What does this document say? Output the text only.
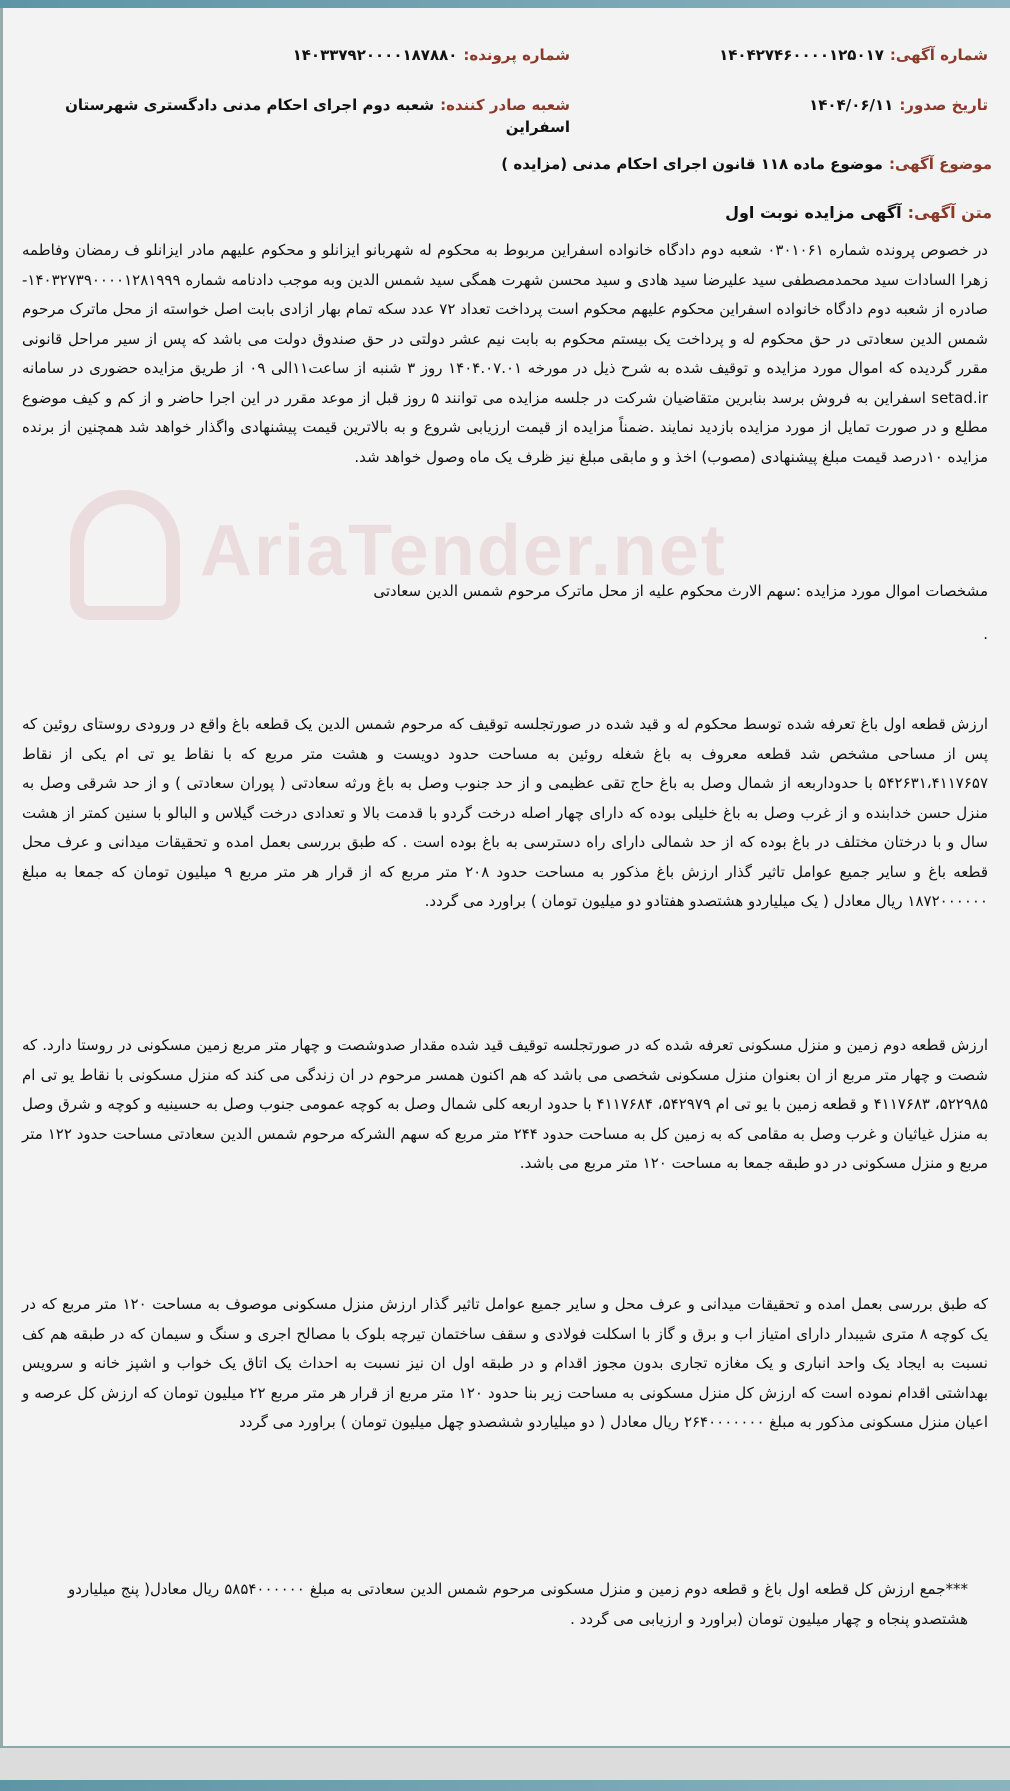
AriaTender.net
شماره آگهی:۱۴۰۴۲۷۴۶۰۰۰۰۱۲۵۰۱۷
شماره پرونده:۱۴۰۳۳۷۹۲۰۰۰۰۱۸۷۸۸۰
تاریخ صدور:۱۴۰۴/۰۶/۱۱
شعبه صادر کننده:شعبه دوم اجرای احکام مدنی دادگستری شهرستان اسفراین
موضوع آگهی:موضوع ماده ۱۱۸ قانون اجرای احکام مدنی (مزایده )
متن آگهی:آگهی مزایده نوبت اول
در خصوص پرونده شماره ۰۳۰۱۰۶۱ شعبه دوم دادگاه خانواده اسفراین مربوط به محکوم له شهربانو ایزانلو و محکوم علیهم مادر ایزانلو ف رمضان وفاطمه زهرا السادات سید محمدمصطفی سید علیرضا سید هادی و سید محسن شهرت همگی سید شمس الدین وبه موجب دادنامه شماره ۱۴۰۳۲۷۳۹۰۰۰۰۱۲۸۱۹۹۹- صادره از شعبه دوم دادگاه خانواده اسفراین محکوم علیهم محکوم است پرداخت تعداد ۷۲ عدد سکه تمام بهار ازادی بابت اصل خواسته از محل ماترک مرحوم شمس الدین سعادتی در حق محکوم له و پرداخت یک بیستم محکوم به بابت نیم عشر دولتی در حق صندوق دولت می باشد که پس از سیر مراحل قانونی مقرر گردیده که اموال مورد مزایده و توقیف شده به شرح ذیل در مورخه ۱۴۰۴.۰۷.۰۱ روز ۳ شنبه از ساعت۱۱الی ۰۹ از طریق مزایده حضوری در سامانه setad.ir اسفراین به فروش برسد بنابرین متقاضیان شرکت در جلسه مزایده می توانند ۵ روز قبل از موعد مقرر در این اجرا حاضر و از کم و کیف موضوع مطلع و در صورت تمایل از مورد مزایده بازدید نمایند .ضمناً مزایده از قیمت ارزیابی شروع و به بالاترین قیمت پیشنهادی واگذار خواهد شد همچنین از برنده مزایده ۱۰درصد قیمت مبلغ پیشنهادی (مصوب) اخذ و و مابقی مبلغ نیز ظرف یک ماه وصول خواهد شد.
مشخصات اموال مورد مزایده :سهم الارث محکوم علیه از محل ماترک مرحوم شمس الدین سعادتی
.
ارزش قطعه اول باغ تعرفه شده توسط محکوم له و قید شده در صورتجلسه توقیف که مرحوم شمس الدین یک قطعه باغ واقع در ورودی روستای روئین که پس از مساحی مشخص شد قطعه معروف به باغ شغله روئین به مساحت حدود دویست و هشت متر مربع که با نقاط یو تی ام یکی از نقاط ۵۴۲۶۳۱،۴۱۱۷۶۵۷ با حدوداربعه از شمال وصل به باغ حاج تقی عظیمی و از حد جنوب وصل به باغ ورثه سعادتی ( پوران سعادتی ) و از حد شرقی وصل به منزل حسن خدابنده و از غرب وصل به باغ خلیلی بوده که دارای چهار اصله درخت گردو با قدمت بالا و تعدادی درخت گیلاس و البالو با سنین کمتر از هشت سال و با درختان مختلف در باغ بوده که از حد شمالی دارای راه دسترسی به باغ بوده است . که طبق بررسی بعمل امده و تحقیقات میدانی و عرف محل قطعه باغ و سایر جمیع عوامل تاثیر گذار ارزش باغ مذکور به مساحت حدود ۲۰۸ متر مربع که از قرار هر متر مربع ۹ میلیون تومان که جمعا به مبلغ ۱۸۷۲۰۰۰۰۰۰ ریال معادل ( یک میلیاردو هشتصدو هفتادو دو میلیون تومان ) براورد می گردد.
ارزش قطعه دوم زمین و منزل مسکونی تعرفه شده که در صورتجلسه توقیف قید شده مقدار صدوشصت و چهار متر مربع زمین مسکونی در روستا دارد. که شصت و چهار متر مربع از ان بعنوان منزل مسکونی شخصی می باشد که هم اکنون همسر مرحوم در ان زندگی می کند که منزل مسکونی با نقاط یو تی ام ۵۲۲۹۸۵، ۴۱۱۷۶۸۳ و قطعه زمین با یو تی ام ۵۴۲۹۷۹، ۴۱۱۷۶۸۴ با حدود اربعه کلی شمال وصل به کوچه عمومی جنوب وصل به حسینیه و کوچه و شرق وصل به منزل غیاثیان و غرب وصل به مقامی که به زمین کل به مساحت حدود ۲۴۴ متر مربع که سهم الشرکه مرحوم شمس الدین سعادتی مساحت حدود ۱۲۲ متر مربع و منزل مسکونی در دو طبقه جمعا به مساحت ۱۲۰ متر مربع می باشد.
که طبق بررسی بعمل امده و تحقیقات میدانی و عرف محل و سایر جمیع عوامل تاثیر گذار ارزش منزل مسکونی موصوف به مساحت ۱۲۰ متر مربع که در یک کوچه ۸ متری شیبدار دارای امتیاز اب و برق و گاز با اسکلت فولادی و سقف ساختمان تیرچه بلوک با مصالح اجری و سنگ و سیمان که در طبقه هم کف نسبت به ایجاد یک واحد انباری و یک مغازه تجاری بدون مجوز اقدام و در طبقه اول ان نیز نسبت به احداث یک اتاق یک خواب و اشپز خانه و سرویس بهداشتی اقدام نموده است که ارزش کل منزل مسکونی به مساحت زیر بنا حدود ۱۲۰ متر مربع از قرار هر متر مربع ۲۲ میلیون تومان که ارزش کل عرصه و اعیان منزل مسکونی مذکور به مبلغ ۲۶۴۰۰۰۰۰۰۰ ریال معادل ( دو میلیاردو ششصدو چهل میلیون تومان ) براورد می گردد
***جمع ارزش کل قطعه اول باغ و قطعه دوم زمین و منزل مسکونی مرحوم شمس الدین سعادتی به مبلغ ۵۸۵۴۰۰۰۰۰۰ ریال معادل( پنج میلیاردو هشتصدو پنجاه و چهار میلیون تومان (براورد و ارزیابی می گردد .
